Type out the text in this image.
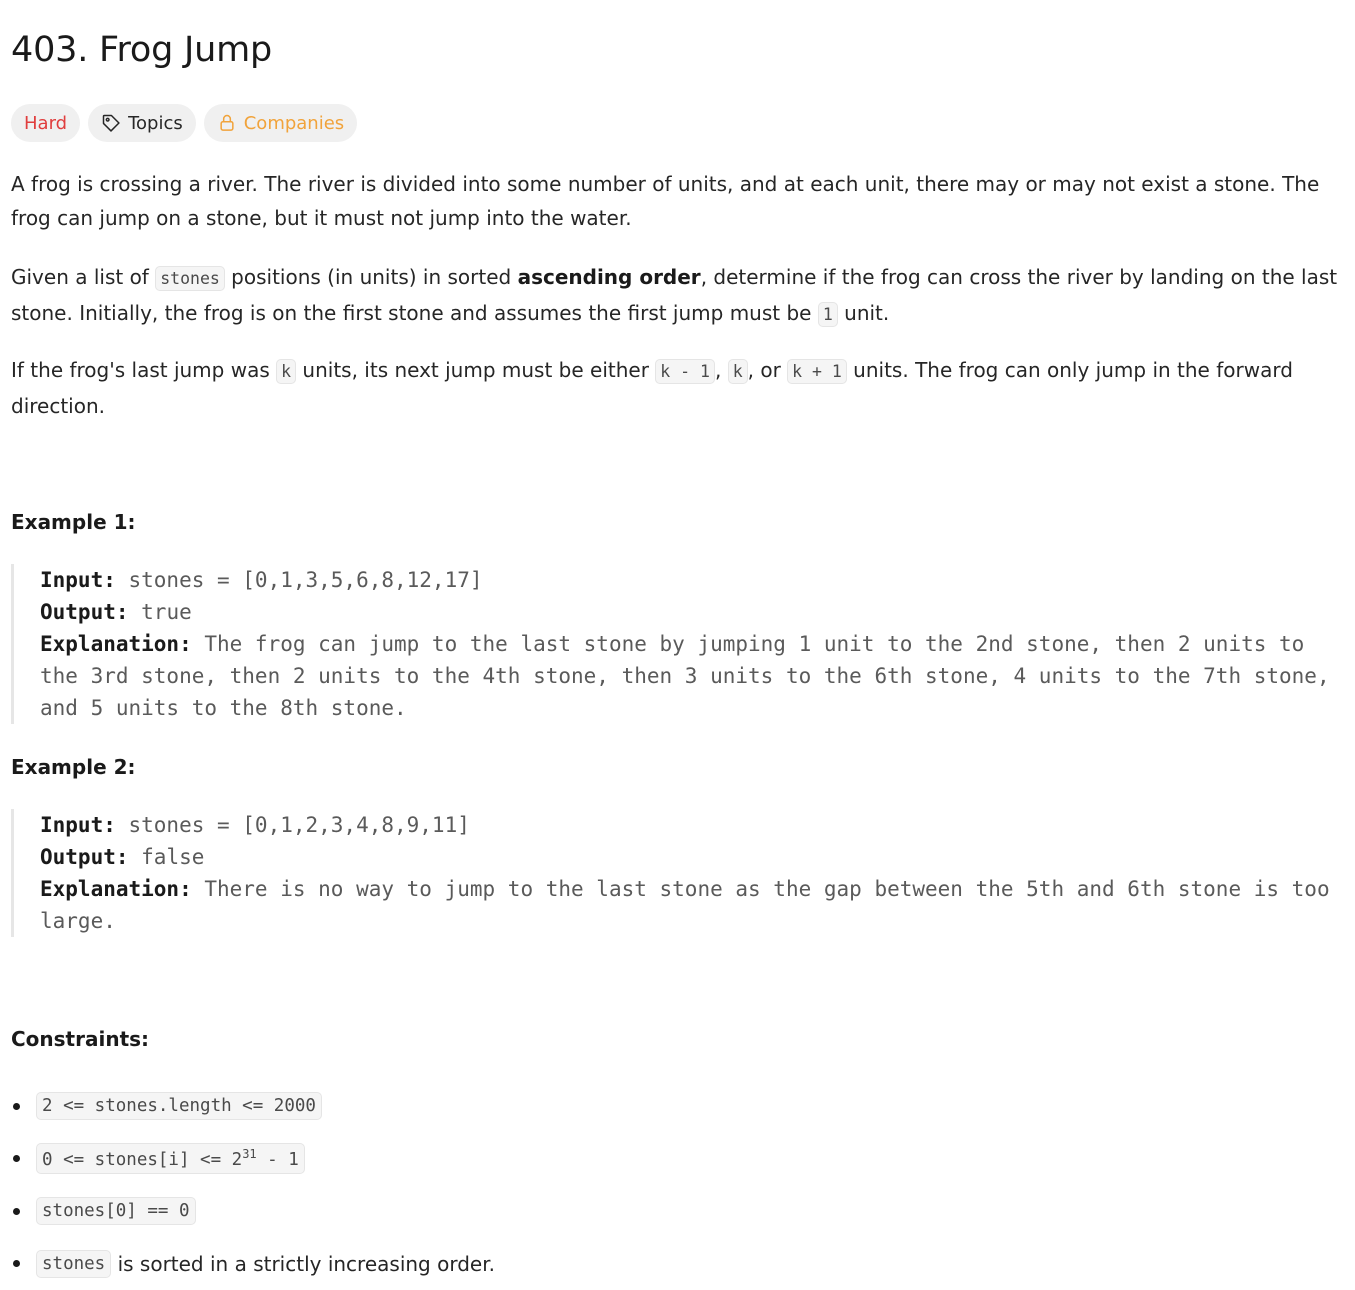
403. Frog Jump
Hard	Topics	Companies

A frog is crossing a river. The river is divided into some number of units, and at each unit, there may or may not exist a stone. The frog can jump on a stone, but it must not jump into the water.

Given a list of stones positions (in units) in sorted ascending order, determine if the frog can cross the river by landing on the last stone. Initially, the frog is on the first stone and assumes the first jump must be 1 unit.

If the frog's last jump was k units, its next jump must be either k - 1 , k , or k + 1 units. The frog can only jump in the forward direction.

Example 1:
Input: stones = [0,1,3,5,6,8,12,17]
Output: true
Explanation: The frog can jump to the last stone by jumping 1 unit to the 2nd stone, then 2 units to the 3rd stone, then 2 units to the 4th stone, then 3 units to the 6th stone, 4 units to the 7th stone, and 5 units to the 8th stone.
Example 2:
Input: stones = [0,1,2,3,4,8,9,11]
Output: false
Explanation: There is no way to jump to the last stone as the gap between the 5th and 6th stone is too large.
Constraints:
2 <= stones.length <= 2000
0 <= stones[i] <= $2^{31} - 1$
stones[0] == 0
stones is sorted in a strictly increasing order.
